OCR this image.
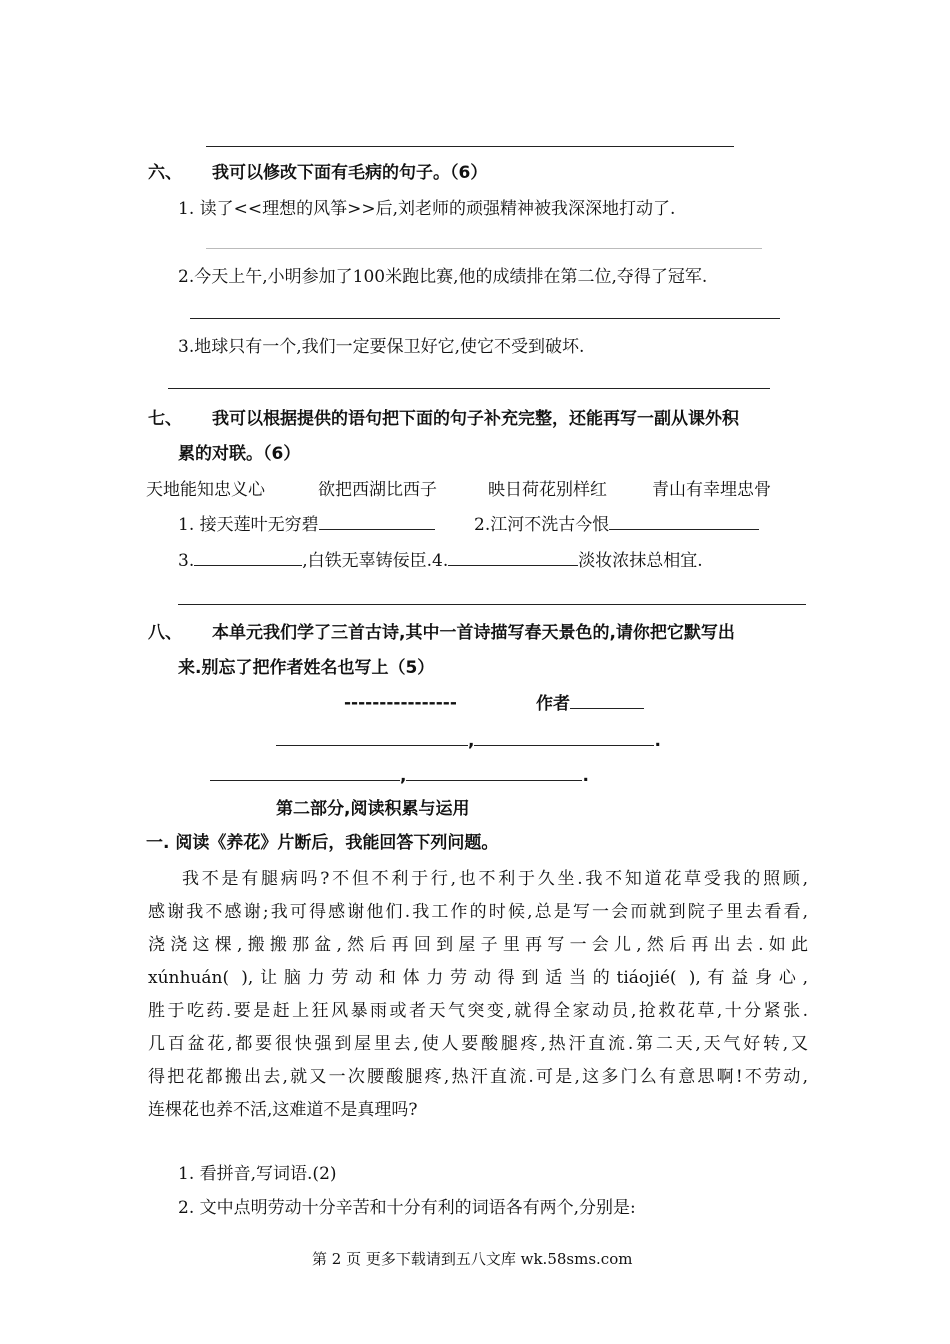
六、 我可以修改下面有毛病的句子。（6）
1. 读了<<理想的风筝>>后,刘老师的顽强精神被我深深地打动了.
2.今天上午,小明参加了100米跑比赛,他的成绩排在第二位,夺得了冠军.
3.地球只有一个,我们一定要保卫好它,使它不受到破坏.
七、 我可以根据提供的语句把下面的句子补充完整，还能再写一副从课外积
累的对联。（6）
天地能知忠义心	欲把西湖比西子	映日荷花别样红	青山有幸埋忠骨
1. 接天莲叶无穷碧	2.江河不洗古今恨
3.	,白铁无辜铸佞臣.4.	淡妆浓抹总相宜.
八、 本单元我们学了三首古诗,其中一首诗描写春天景色的,请你把它默写出
来.别忘了把作者姓名也写上（5）
----------------	作者
,	.
,	.
第二部分,阅读积累与运用
一. 阅读《养花》片断后，我能回答下列问题。
我不是有腿病吗?不但不利于行,也不利于久坐.我不知道花草受我的照顾,
感谢我不感谢;我可得感谢他们.我工作的时候,总是写一会而就到院子里去看看,
浇浇这棵,搬搬那盆,然后再回到屋子里再写一会儿,然后再出去.如此
xúnhuán( ),让脑力劳动和体力劳动得到适当的tiáojié( ),有益身心,
胜于吃药.要是赶上狂风暴雨或者天气突变,就得全家动员,抢救花草,十分紧张.
几百盆花,都要很快强到屋里去,使人要酸腿疼,热汗直流.第二天,天气好转,又
得把花都搬出去,就又一次腰酸腿疼,热汗直流.可是,这多门么有意思啊!不劳动,
连棵花也养不活,这难道不是真理吗?
1. 看拼音,写词语.(2)
2. 文中点明劳动十分辛苦和十分有利的词语各有两个,分别是:
第 2 页 更多下载请到五八文库 wk.58sms.com
